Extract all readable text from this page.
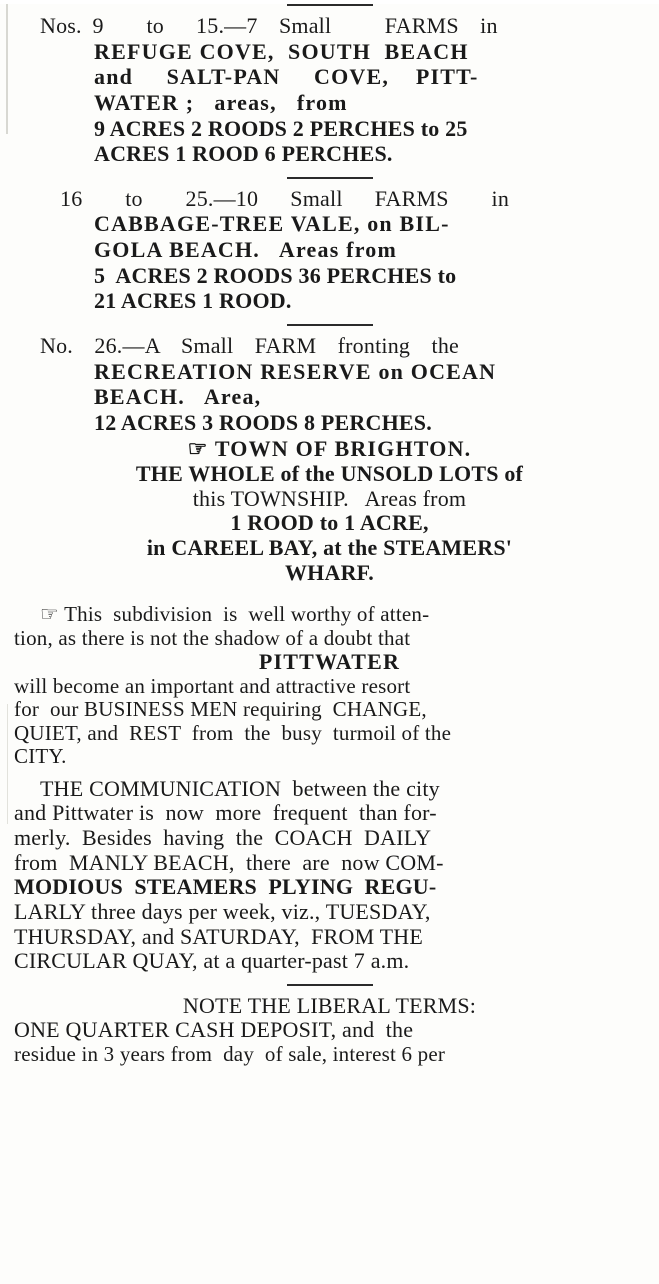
Nos. 9    to   15.—7  Small     FARMS  in
REFUGE COVE,  SOUTH  BEACH
and     SALT-PAN     COVE,    PITT-
WATER ;   areas,   from
9 ACRES 2 ROODS 2 PERCHES to 25
ACRES 1 ROOD 6 PERCHES.
16    to    25.—10   Small   FARMS    in
CABBAGE-TREE VALE, on BIL-
GOLA BEACH.   Areas from
5  ACRES 2 ROODS 36 PERCHES to
21 ACRES 1 ROOD.
No.  26.—A  Small  FARM  fronting  the
RECREATION RESERVE on OCEAN
BEACH.   Area,
12 ACRES 3 ROODS 8 PERCHES.
☞ TOWN OF BRIGHTON.
THE WHOLE of the UNSOLD LOTS of
this TOWNSHIP.   Areas from
1 ROOD to 1 ACRE,
in CAREEL BAY, at the STEAMERS'
WHARF.
☞ This  subdivision  is  well worthy of atten-
tion, as there is not the shadow of a doubt that
PITTWATER
will become an important and attractive resort
for  our BUSINESS MEN requiring  CHANGE,
QUIET, and  REST  from  the  busy  turmoil of the
CITY.
THE COMMUNICATION  between the city
and Pittwater is  now  more  frequent  than for-
merly.  Besides  having  the  COACH  DAILY
from  MANLY BEACH,  there  are  now COM-
MODIOUS  STEAMERS  PLYING  REGU-
LARLY three days per week, viz., TUESDAY,
THURSDAY, and SATURDAY,  FROM THE
CIRCULAR QUAY, at a quarter-past 7 a.m.
NOTE THE LIBERAL TERMS:
ONE QUARTER CASH DEPOSIT, and  the
residue in 3 years from  day  of sale, interest 6 per
